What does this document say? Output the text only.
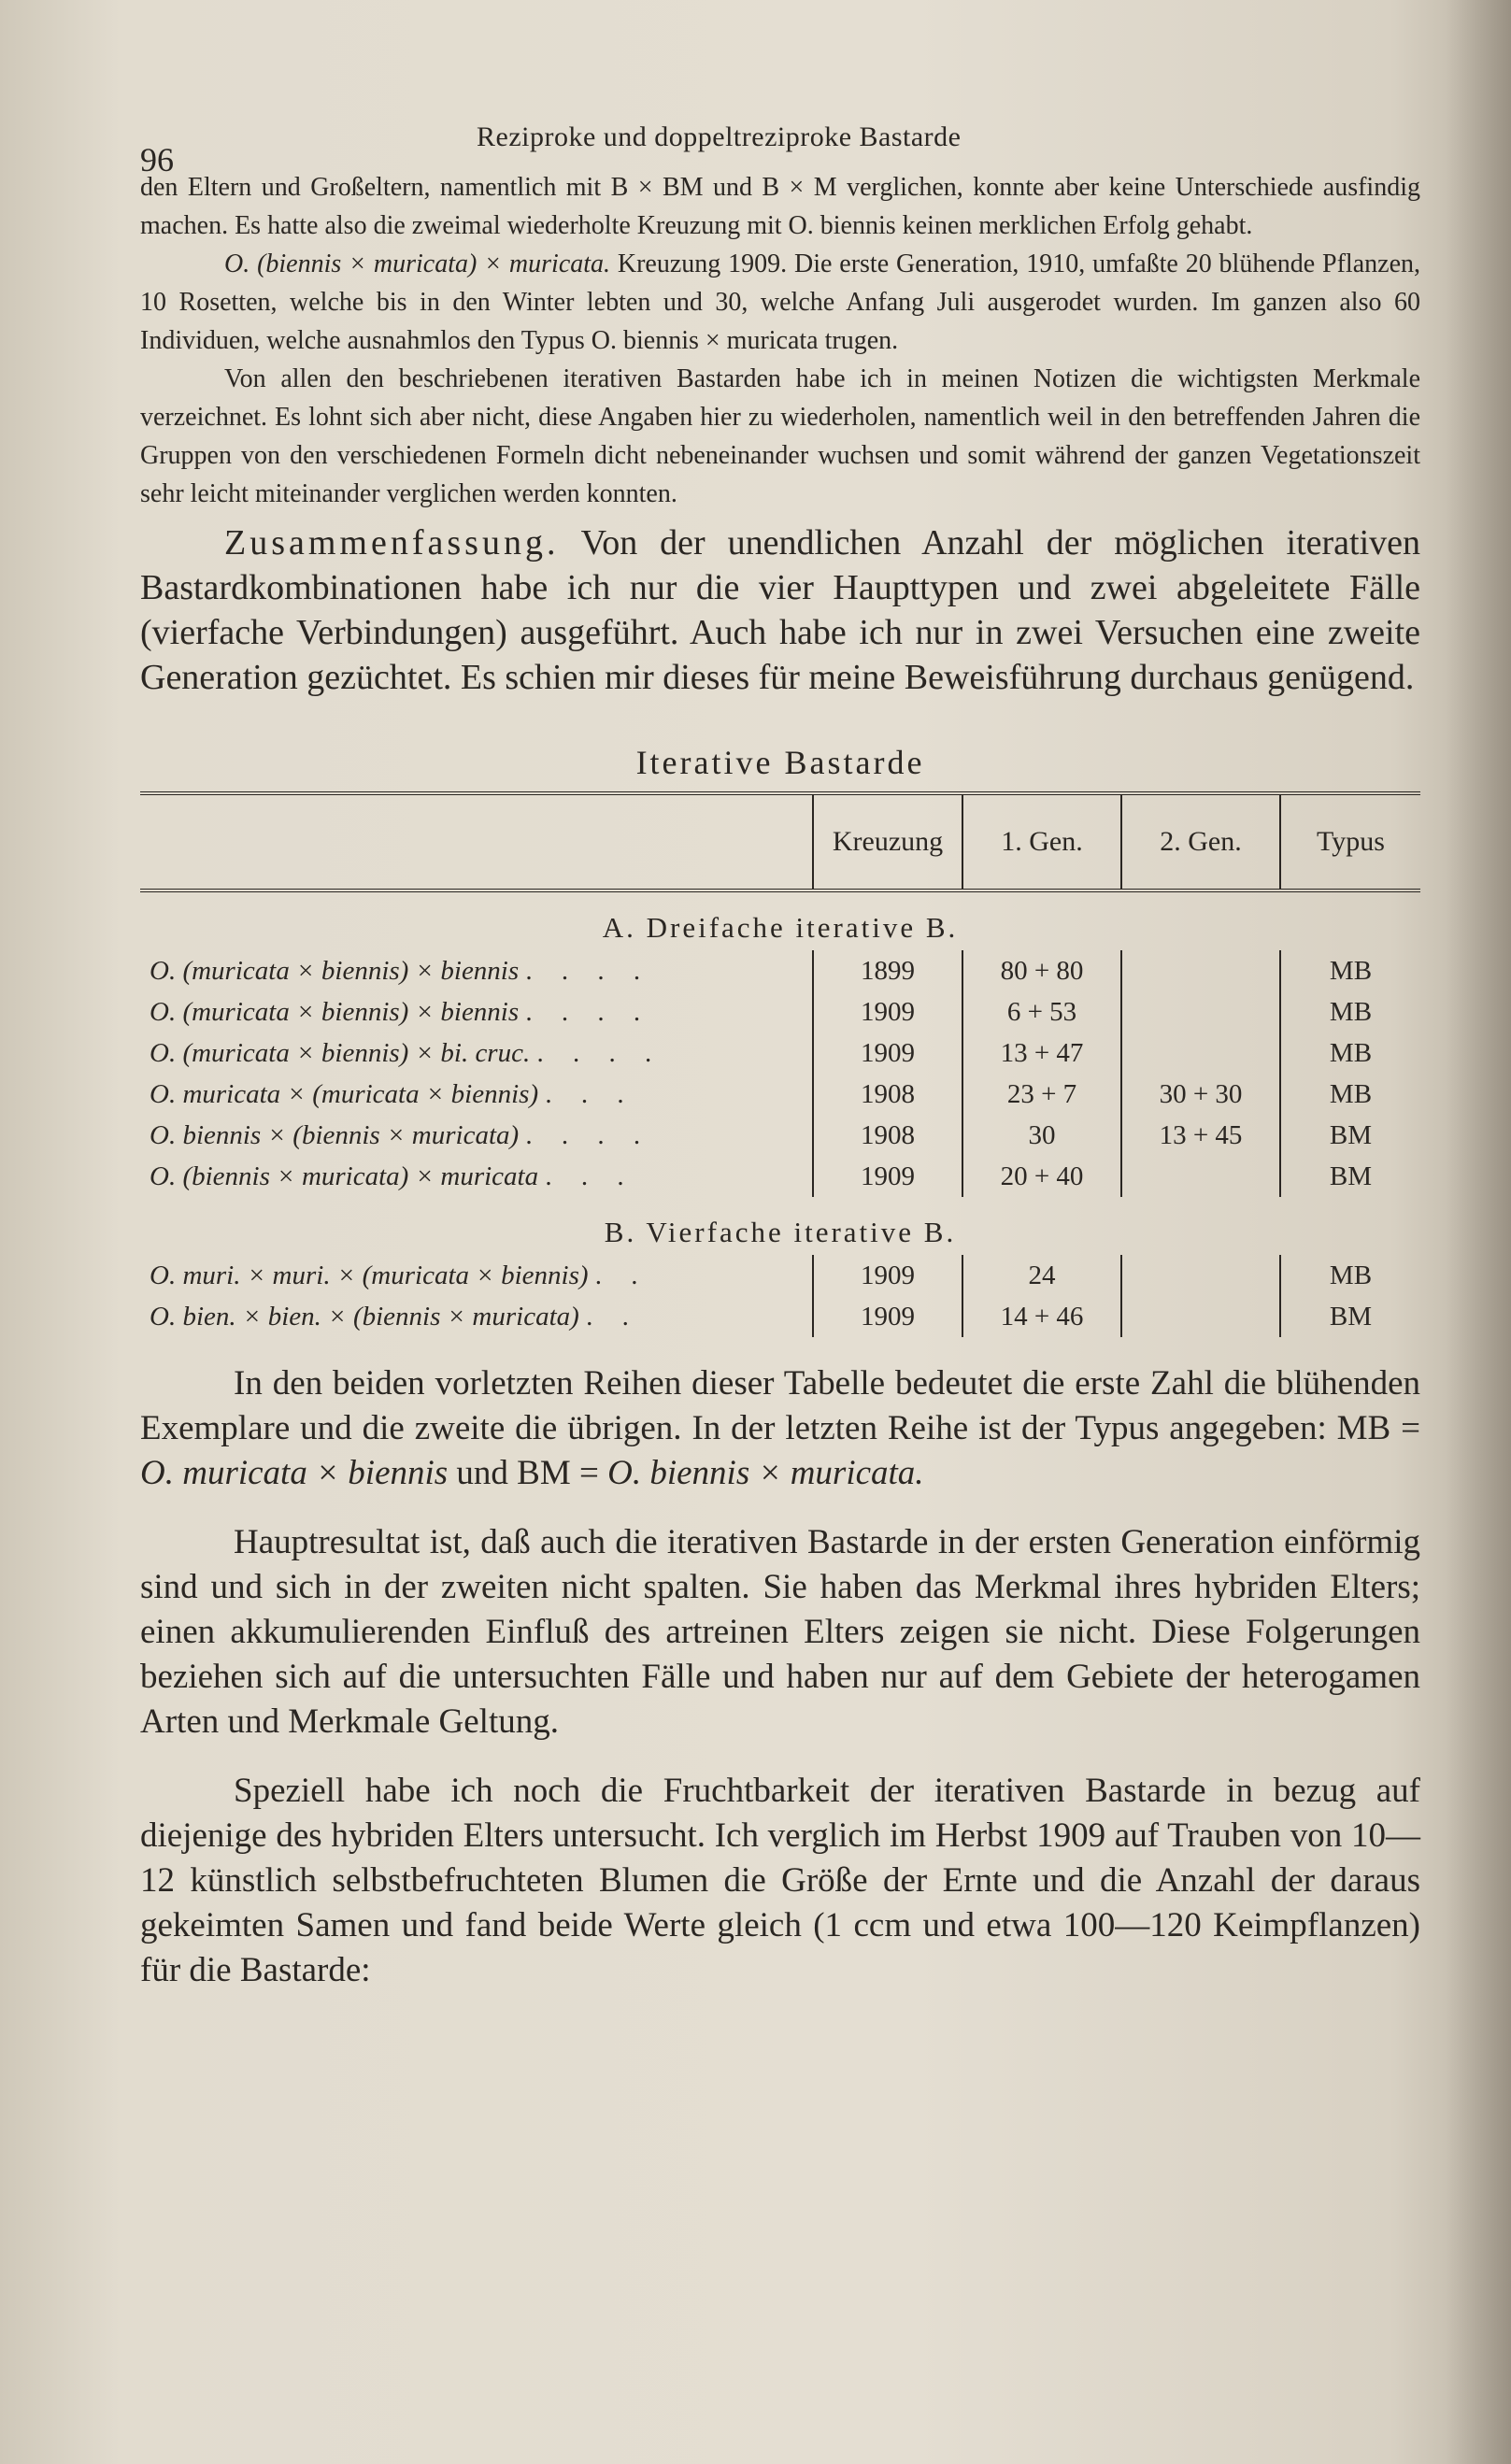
96
Reziproke und doppeltreziproke Bastarde

den Eltern und Großeltern, namentlich mit B × BM und B × M verglichen, konnte aber keine Unterschiede ausfindig machen. Es hatte also die zweimal wiederholte Kreuzung mit O. biennis keinen merklichen Erfolg gehabt.

O. (biennis × muricata) × muricata. Kreuzung 1909. Die erste Generation, 1910, umfaßte 20 blühende Pflanzen, 10 Rosetten, welche bis in den Winter lebten und 30, welche Anfang Juli ausgerodet wurden. Im ganzen also 60 Individuen, welche ausnahmlos den Typus O. biennis × muricata trugen.

Von allen den beschriebenen iterativen Bastarden habe ich in meinen Notizen die wichtigsten Merkmale verzeichnet. Es lohnt sich aber nicht, diese Angaben hier zu wiederholen, namentlich weil in den betreffenden Jahren die Gruppen von den verschiedenen Formeln dicht nebeneinander wuchsen und somit während der ganzen Vegetationszeit sehr leicht miteinander verglichen werden konnten.

Zusammenfassung. Von der unendlichen Anzahl der möglichen iterativen Bastardkombinationen habe ich nur die vier Haupttypen und zwei abgeleitete Fälle (vierfache Verbindungen) ausgeführt. Auch habe ich nur in zwei Versuchen eine zweite Generation gezüchtet. Es schien mir dieses für meine Beweisführung durchaus genügend.

Iterative Bastarde
	Kreuzung	1. Gen.	2. Gen.	Typus
A. Dreifache iterative B.				
O. (muricata × biennis) × biennis . . . .	1899	80 + 80		MB
O. (muricata × biennis) × biennis . . . .	1909	6 + 53		MB
O. (muricata × biennis) × bi. cruc. . . . .	1909	13 + 47		MB
O. muricata × (muricata × biennis) . . .	1908	23 + 7	30 + 30	MB
O. biennis × (biennis × muricata) . . . .	1908	30	13 + 45	BM
O. (biennis × muricata) × muricata . . .	1909	20 + 40		BM
B. Vierfache iterative B.				
O. muri. × muri. × (muricata × biennis) . .	1909	24		MB
O. bien. × bien. × (biennis × muricata) . .	1909	14 + 46		BM

In den beiden vorletzten Reihen dieser Tabelle bedeutet die erste Zahl die blühenden Exemplare und die zweite die übrigen. In der letzten Reihe ist der Typus angegeben: MB = O. muricata × biennis und BM = O. biennis × muricata.

Hauptresultat ist, daß auch die iterativen Bastarde in der ersten Generation einförmig sind und sich in der zweiten nicht spalten. Sie haben das Merkmal ihres hybriden Elters; einen akkumulierenden Einfluß des artreinen Elters zeigen sie nicht. Diese Folgerungen beziehen sich auf die untersuchten Fälle und haben nur auf dem Gebiete der heterogamen Arten und Merkmale Geltung.

Speziell habe ich noch die Fruchtbarkeit der iterativen Bastarde in bezug auf diejenige des hybriden Elters untersucht. Ich verglich im Herbst 1909 auf Trauben von 10—12 künstlich selbstbefruchteten Blumen die Größe der Ernte und die Anzahl der daraus gekeimten Samen und fand beide Werte gleich (1 ccm und etwa 100—120 Keimpflanzen) für die Bastarde:
